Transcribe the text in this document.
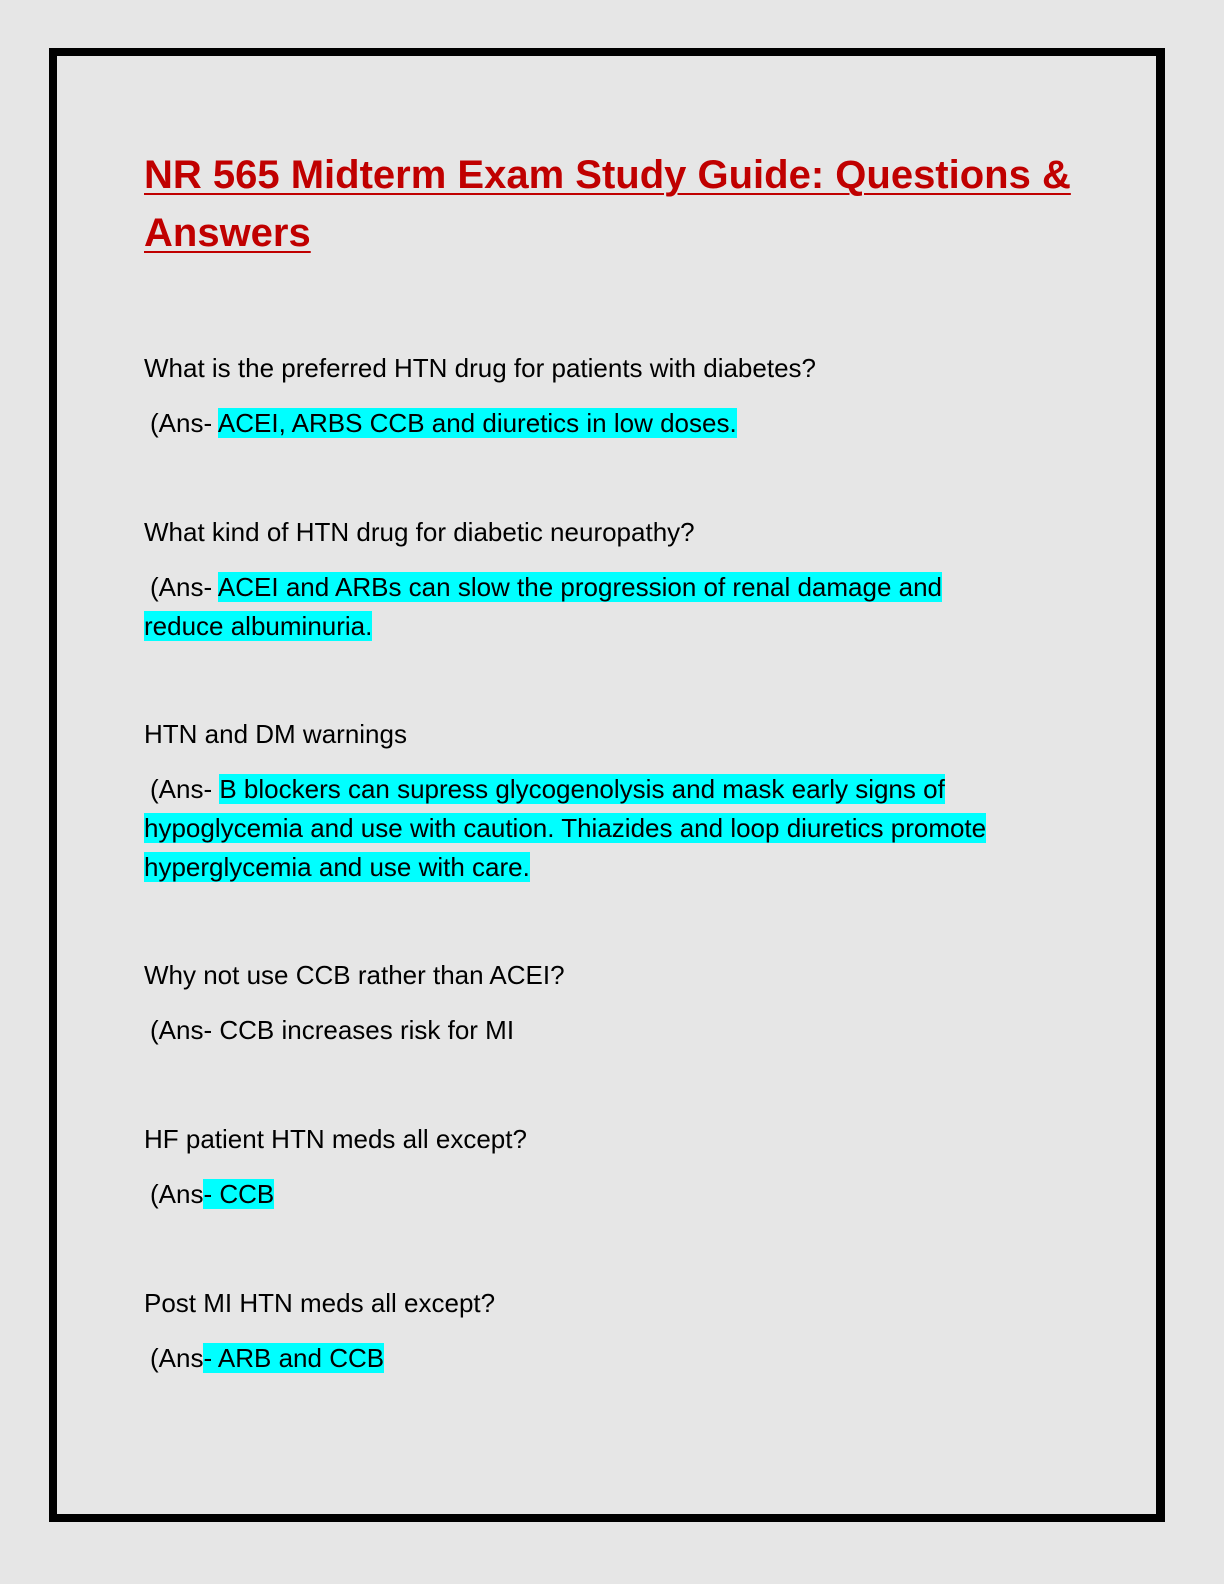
NR 565 Midterm Exam Study Guide: Questions & Answers

What is the preferred HTN drug for patients with diabetes?

(Ans- ACEI, ARBS CCB and diuretics in low doses.

What kind of HTN drug for diabetic neuropathy?

(Ans- ACEI and ARBs can slow the progression of renal damage and reduce albuminuria.

HTN and DM warnings

(Ans- B blockers can supress glycogenolysis and mask early signs of hypoglycemia and use with caution. Thiazides and loop diuretics promote hyperglycemia and use with care.

Why not use CCB rather than ACEI?

(Ans- CCB increases risk for MI

HF patient HTN meds all except?

(Ans- CCB

Post MI HTN meds all except?

(Ans- ARB and CCB
